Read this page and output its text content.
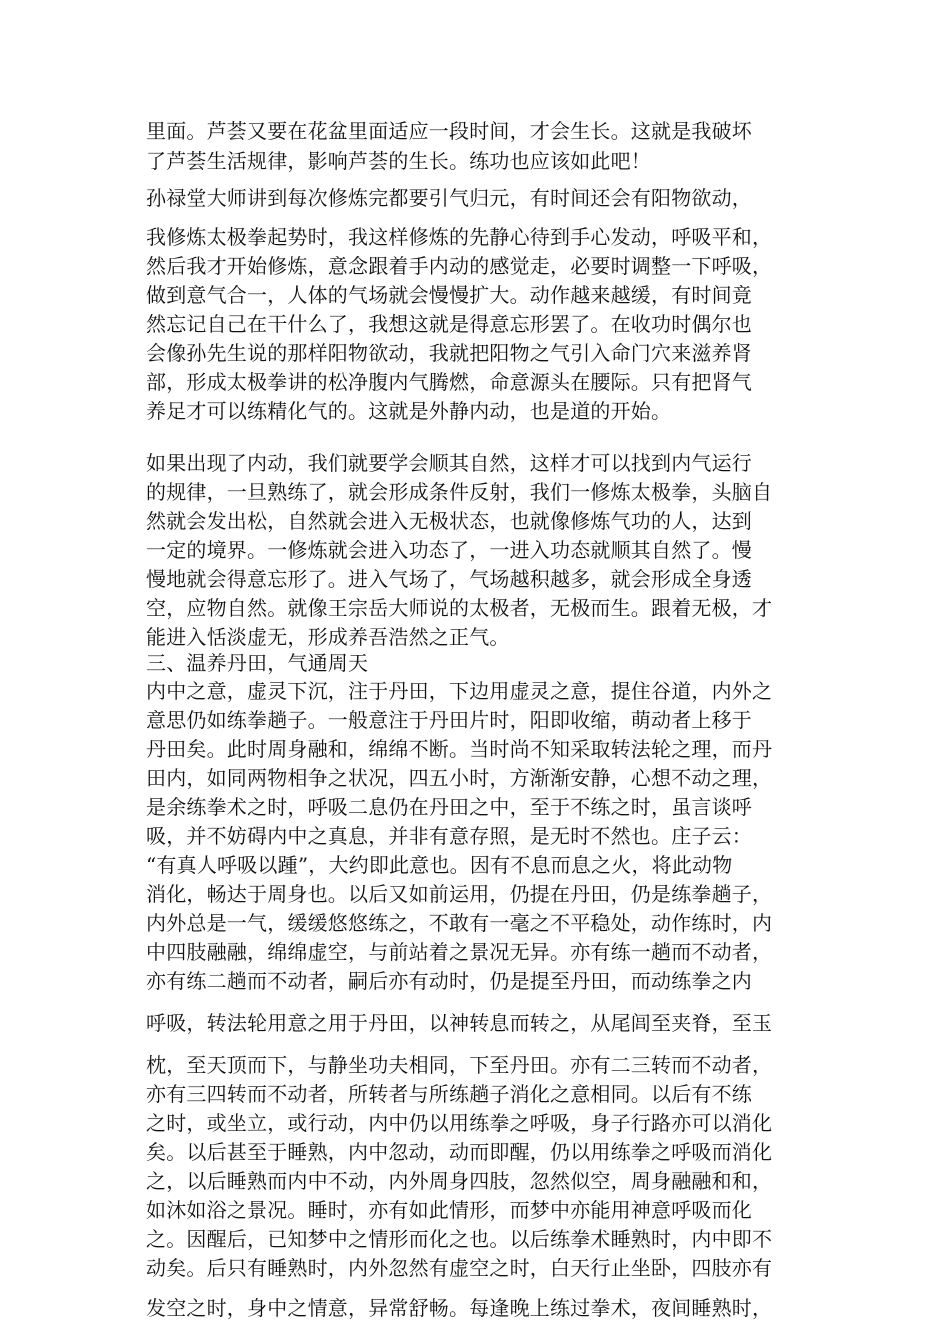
里面。芦荟又要在花盆里面适应一段时间，才会生长。这就是我破坏
了芦荟生活规律，影响芦荟的生长。练功也应该如此吧！
孙禄堂大师讲到每次修炼完都要引气归元，有时间还会有阳物欲动，
我修炼太极拳起势时，我这样修炼的先静心待到手心发动，呼吸平和，
然后我才开始修炼，意念跟着手内动的感觉走，必要时调整一下呼吸，
做到意气合一，人体的气场就会慢慢扩大。动作越来越缓，有时间竟
然忘记自己在干什么了，我想这就是得意忘形罢了。在收功时偶尔也
会像孙先生说的那样阳物欲动，我就把阳物之气引入命门穴来滋养肾
部，形成太极拳讲的松净腹内气腾燃，命意源头在腰际。只有把肾气
养足才可以练精化气的。这就是外静内动，也是道的开始。
如果出现了内动，我们就要学会顺其自然，这样才可以找到内气运行
的规律，一旦熟练了，就会形成条件反射，我们一修炼太极拳，头脑自
然就会发出松，自然就会进入无极状态，也就像修炼气功的人，达到
一定的境界。一修炼就会进入功态了，一进入功态就顺其自然了。慢
慢地就会得意忘形了。进入气场了，气场越积越多，就会形成全身透
空，应物自然。就像王宗岳大师说的太极者，无极而生。跟着无极，才
能进入恬淡虚无，形成养吾浩然之正气。
三、温养丹田，气通周天
内中之意，虚灵下沉，注于丹田，下边用虚灵之意，提住谷道，内外之
意思仍如练拳趟子。一般意注于丹田片时，阳即收缩，萌动者上移于
丹田矣。此时周身融和，绵绵不断。当时尚不知采取转法轮之理，而丹
田内，如同两物相争之状况，四五小时，方渐渐安静，心想不动之理，
是余练拳术之时，呼吸二息仍在丹田之中，至于不练之时，虽言谈呼
吸，并不妨碍内中之真息，并非有意存照，是无时不然也。庄子云：
“有真人呼吸以踵”，大约即此意也。因有不息而息之火，将此动物
消化，畅达于周身也。以后又如前运用，仍提在丹田，仍是练拳趟子，
内外总是一气，缓缓悠悠练之，不敢有一毫之不平稳处，动作练时，内
中四肢融融，绵绵虚空，与前站着之景况无异。亦有练一趟而不动者，
亦有练二趟而不动者，嗣后亦有动时，仍是提至丹田，而动练拳之内
呼吸，转法轮用意之用于丹田，以神转息而转之，从尾闾至夹脊，至玉
枕，至天顶而下，与静坐功夫相同，下至丹田。亦有二三转而不动者，
亦有三四转而不动者，所转者与所练趟子消化之意相同。以后有不练
之时，或坐立，或行动，内中仍以用练拳之呼吸，身子行路亦可以消化
矣。以后甚至于睡熟，内中忽动，动而即醒，仍以用练拳之呼吸而消化
之，以后睡熟而内中不动，内外周身四肢，忽然似空，周身融融和和，
如沐如浴之景况。睡时，亦有如此情形，而梦中亦能用神意呼吸而化
之。因醒后，已知梦中之情形而化之也。以后练拳术睡熟时，内中即不
动矣。后只有睡熟时，内外忽然有虚空之时，白天行止坐卧，四肢亦有
发空之时，身中之情意，异常舒畅。每逢晚上练过拳术，夜间睡熟时，
